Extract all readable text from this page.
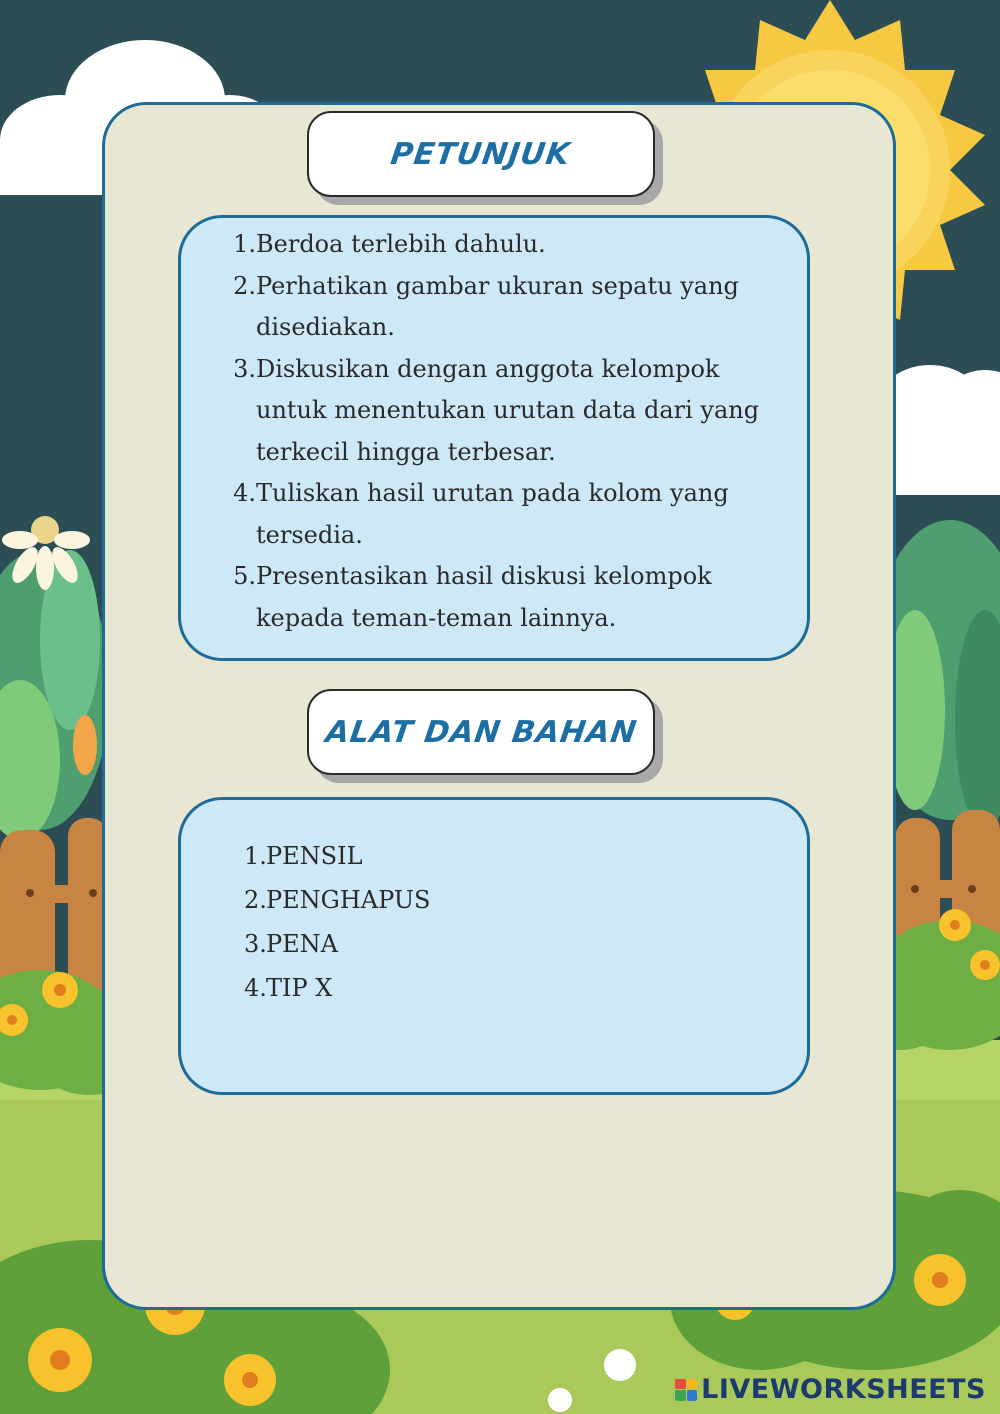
PETUNJUK
1. Berdoa terlebih dahulu.
2. Perhatikan gambar ukuran sepatu yang disediakan.
3. Diskusikan dengan anggota kelompok untuk menentukan urutan data dari yang terkecil hingga terbesar.
4. Tuliskan hasil urutan pada kolom yang tersedia.
5. Presentasikan hasil diskusi kelompok kepada teman-teman lainnya.
ALAT DAN BAHAN
1. PENSIL
2. PENGHAPUS
3. PENA
4. TIP X
LIVEWORKSHEETS
